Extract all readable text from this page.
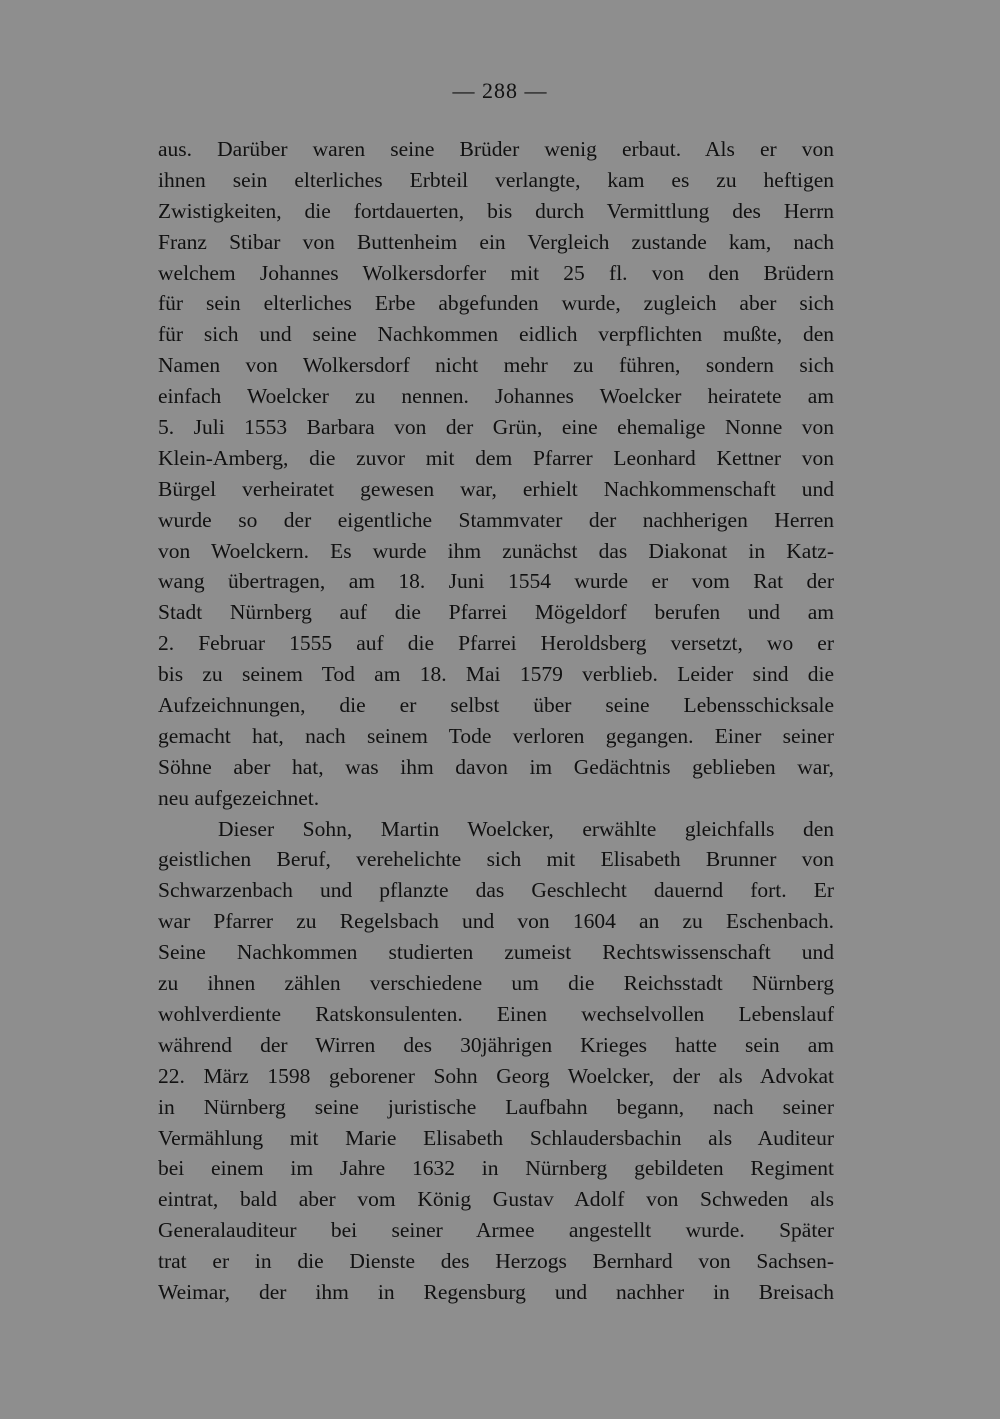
— 288 —
aus. Darüber waren seine Brüder wenig erbaut. Als er von
ihnen sein elterliches Erbteil verlangte, kam es zu heftigen
Zwistigkeiten, die fortdauerten, bis durch Vermittlung des Herrn
Franz Stibar von Buttenheim ein Vergleich zustande kam, nach
welchem Johannes Wolkersdorfer mit 25 fl. von den Brüdern
für sein elterliches Erbe abgefunden wurde, zugleich aber sich
für sich und seine Nachkommen eidlich verpflichten mußte, den
Namen von Wolkersdorf nicht mehr zu führen, sondern sich
einfach Woelcker zu nennen. Johannes Woelcker heiratete am
5. Juli 1553 Barbara von der Grün, eine ehemalige Nonne von
Klein-Amberg, die zuvor mit dem Pfarrer Leonhard Kettner von
Bürgel verheiratet gewesen war, erhielt Nachkommenschaft und
wurde so der eigentliche Stammvater der nachherigen Herren
von Woelckern. Es wurde ihm zunächst das Diakonat in Katz-
wang übertragen, am 18. Juni 1554 wurde er vom Rat der
Stadt Nürnberg auf die Pfarrei Mögeldorf berufen und am
2. Februar 1555 auf die Pfarrei Heroldsberg versetzt, wo er
bis zu seinem Tod am 18. Mai 1579 verblieb. Leider sind die
Aufzeichnungen, die er selbst über seine Lebensschicksale
gemacht hat, nach seinem Tode verloren gegangen. Einer seiner
Söhne aber hat, was ihm davon im Gedächtnis geblieben war,
neu aufgezeichnet.
Dieser Sohn, Martin Woelcker, erwählte gleichfalls den
geistlichen Beruf, verehelichte sich mit Elisabeth Brunner von
Schwarzenbach und pflanzte das Geschlecht dauernd fort. Er
war Pfarrer zu Regelsbach und von 1604 an zu Eschenbach.
Seine Nachkommen studierten zumeist Rechtswissenschaft und
zu ihnen zählen verschiedene um die Reichsstadt Nürnberg
wohlverdiente Ratskonsulenten. Einen wechselvollen Lebenslauf
während der Wirren des 30jährigen Krieges hatte sein am
22. März 1598 geborener Sohn Georg Woelcker, der als Advokat
in Nürnberg seine juristische Laufbahn begann, nach seiner
Vermählung mit Marie Elisabeth Schlaudersbachin als Auditeur
bei einem im Jahre 1632 in Nürnberg gebildeten Regiment
eintrat, bald aber vom König Gustav Adolf von Schweden als
Generalauditeur bei seiner Armee angestellt wurde. Später
trat er in die Dienste des Herzogs Bernhard von Sachsen-
Weimar, der ihm in Regensburg und nachher in Breisach
